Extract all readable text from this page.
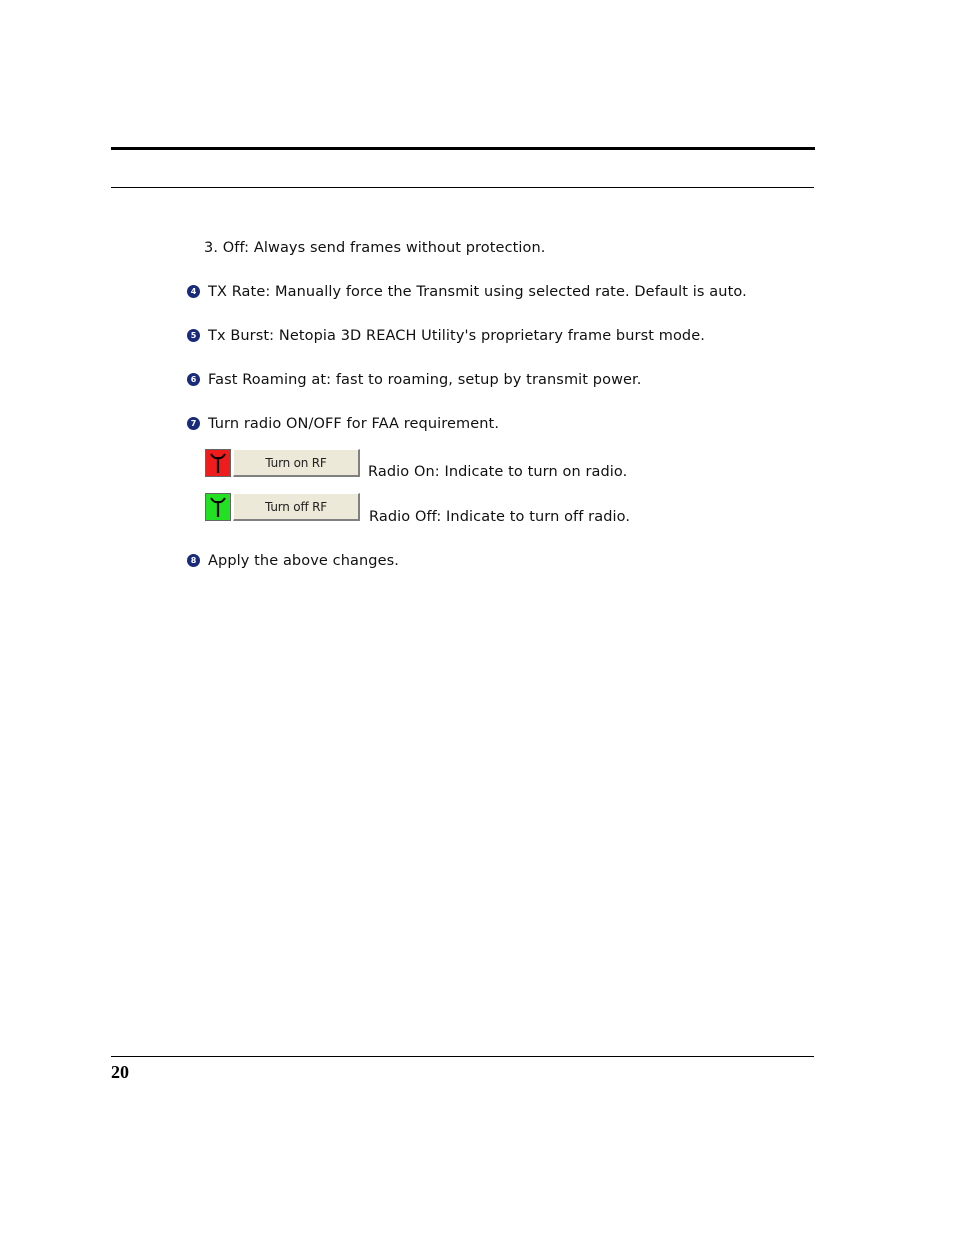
3. Off: Always send frames without protection.
4 TX Rate: Manually force the Transmit using selected rate. Default is auto.
5 Tx Burst: Netopia 3D REACH Utility's proprietary frame burst mode.
6 Fast Roaming at: fast to roaming, setup by transmit power.
7 Turn radio ON/OFF for FAA requirement.
Turn on RF
Radio On: Indicate to turn on radio.
Turn off RF
Radio Off: Indicate to turn off radio.
8 Apply the above changes.
20
